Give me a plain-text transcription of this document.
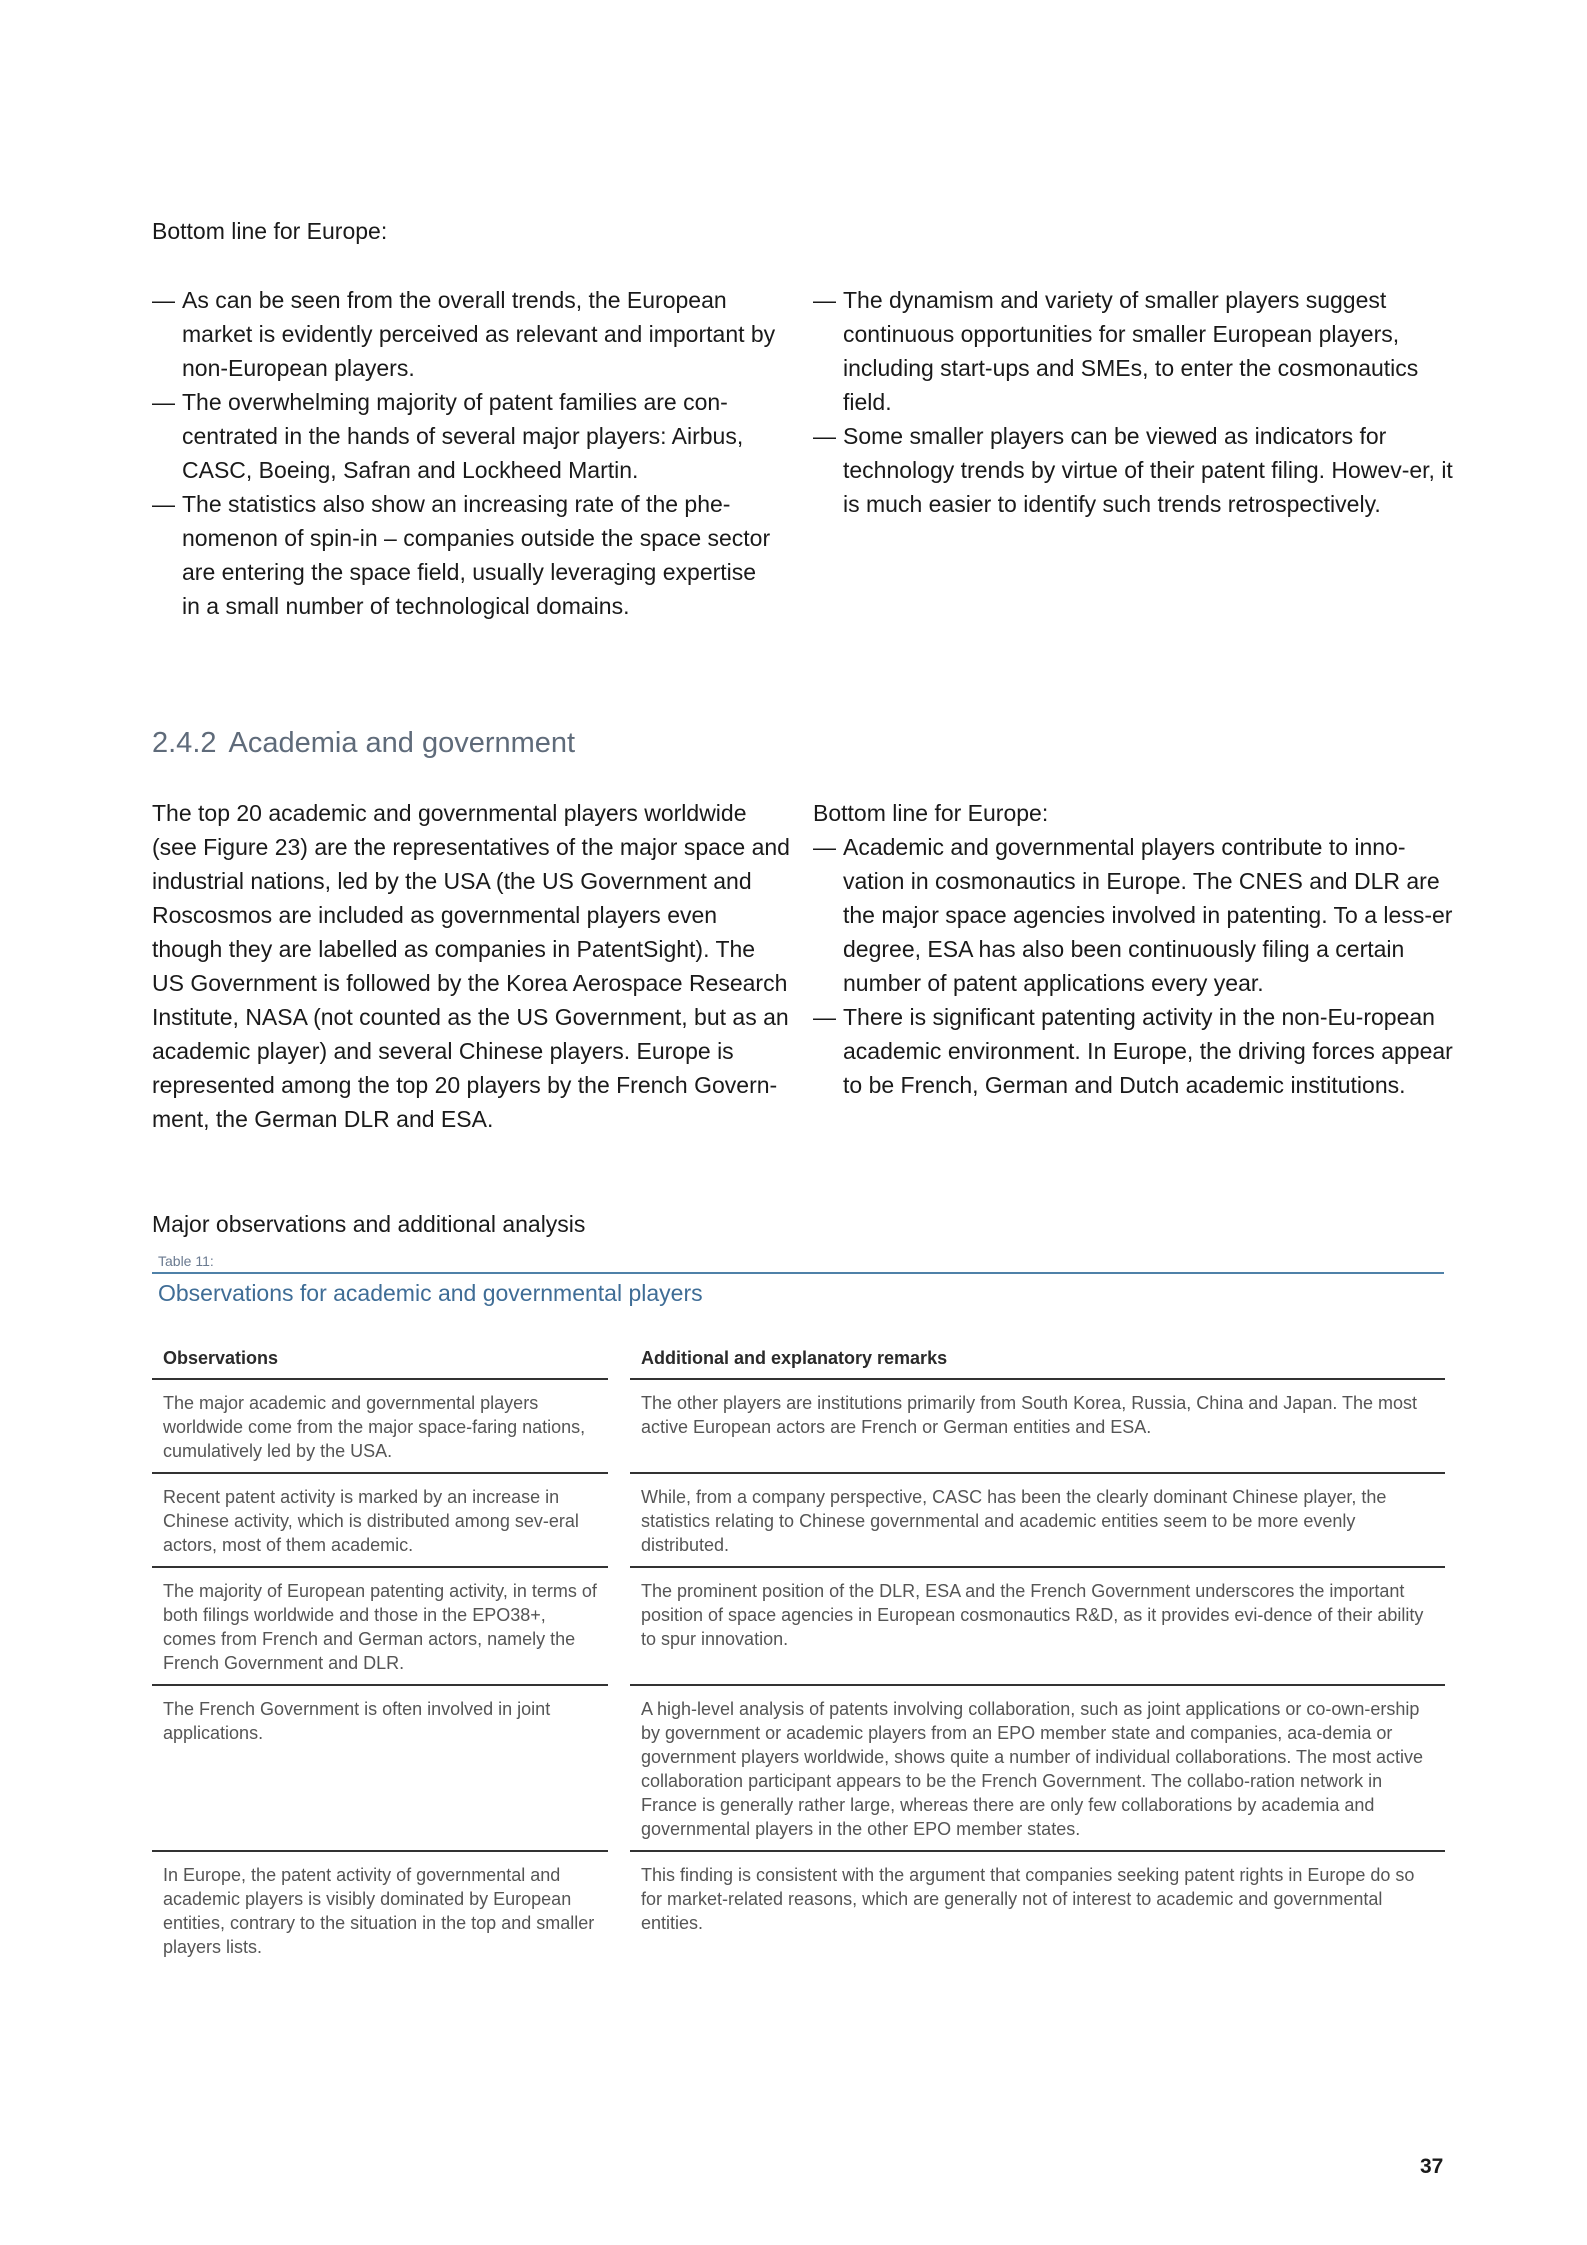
Bottom line for Europe:
— As can be seen from the overall trends, the European market is evidently perceived as relevant and important by non-European players.
— The overwhelming majority of patent families are con-centrated in the hands of several major players: Airbus, CASC, Boeing, Safran and Lockheed Martin.
— The statistics also show an increasing rate of the phe-nomenon of spin-in – companies outside the space sector are entering the space field, usually leveraging expertise in a small number of technological domains.
— The dynamism and variety of smaller players suggest continuous opportunities for smaller European players, including start-ups and SMEs, to enter the cosmonautics field.
— Some smaller players can be viewed as indicators for technology trends by virtue of their patent filing. Howev-er, it is much easier to identify such trends retrospectively.
2.4.2 Academia and government

The top 20 academic and governmental players worldwide (see Figure 23) are the representatives of the major space and industrial nations, led by the USA (the US Government and Roscosmos are included as governmental players even though they are labelled as companies in PatentSight). The US Government is followed by the Korea Aerospace Research Institute, NASA (not counted as the US Government, but as an academic player) and several Chinese players. Europe is represented among the top 20 players by the French Govern-ment, the German DLR and ESA.

Bottom line for Europe:
— Academic and governmental players contribute to inno-vation in cosmonautics in Europe. The CNES and DLR are the major space agencies involved in patenting. To a less-er degree, ESA has also been continuously filing a certain number of patent applications every year.
— There is significant patenting activity in the non-Eu-ropean academic environment. In Europe, the driving forces appear to be French, German and Dutch academic institutions.
Major observations and additional analysis
Table 11:
Observations for academic and governmental players
Observations	Additional and explanatory remarks
The major academic and governmental players worldwide come from the major space-faring nations, cumulatively led by the USA.
The other players are institutions primarily from South Korea, Russia, China and Japan. The most active European actors are French or German entities and ESA.
Recent patent activity is marked by an increase in Chinese activity, which is distributed among sev-eral actors, most of them academic.
While, from a company perspective, CASC has been the clearly dominant Chinese player, the statistics relating to Chinese governmental and academic entities seem to be more evenly distributed.
The majority of European patenting activity, in terms of both filings worldwide and those in the EPO38+, comes from French and German actors, namely the French Government and DLR.
The prominent position of the DLR, ESA and the French Government underscores the important position of space agencies in European cosmonautics R&D, as it provides evi-dence of their ability to spur innovation.
The French Government is often involved in joint applications.
A high-level analysis of patents involving collaboration, such as joint applications or co-own-ership by government or academic players from an EPO member state and companies, aca-demia or government players worldwide, shows quite a number of individual collaborations. The most active collaboration participant appears to be the French Government. The collabo-ration network in France is generally rather large, whereas there are only few collaborations by academia and governmental players in the other EPO member states.
In Europe, the patent activity of governmental and academic players is visibly dominated by European entities, contrary to the situation in the top and smaller players lists.
This finding is consistent with the argument that companies seeking patent rights in Europe do so for market-related reasons, which are generally not of interest to academic and governmental entities.
37
